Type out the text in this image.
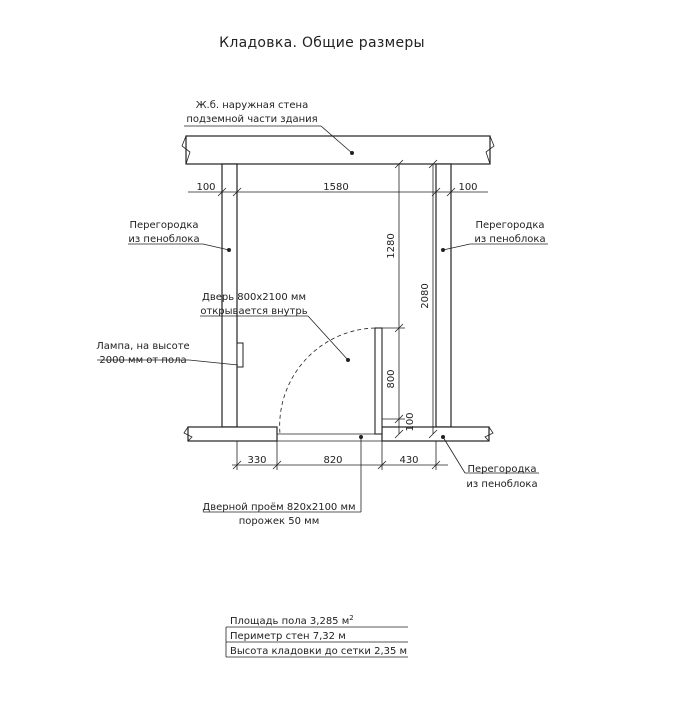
Кладовка. Общие размеры
100	1580	100
1280
800
100
2080
330	820	430
Ж.б. наружная стена
подземной части здания
Перегородка
из пеноблока
Перегородка
из пеноблока
Дверь 800х2100 мм
открывается внутрь
Лампа, на высоте
2000 мм от пола
Дверной проём 820х2100 мм
порожек 50 мм
Перегородка
из пеноблока
Площадь пола 3,285 $м^2$
Периметр стен 7,32 м
Высота кладовки до сетки 2,35 м
